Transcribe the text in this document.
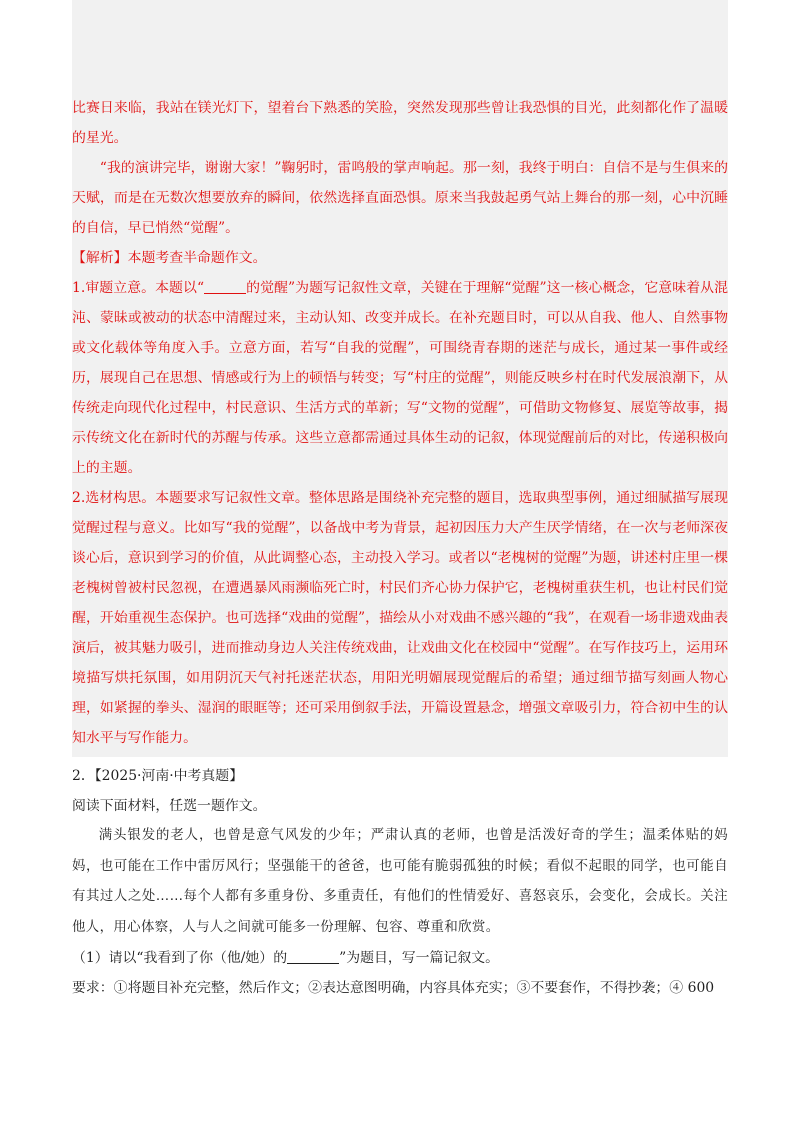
比赛日来临，我站在镁光灯下，望着台下熟悉的笑脸，突然发现那些曾让我恐惧的目光，此刻都化作了温暖的星光。

“我的演讲完毕，谢谢大家！”鞠躬时，雷鸣般的掌声响起。那一刻，我终于明白：自信不是与生俱来的天赋，而是在无数次想要放弃的瞬间，依然选择直面恐惧。原来当我鼓起勇气站上舞台的那一刻，心中沉睡的自信，早已悄然“觉醒”。

【解析】本题考查半命题作文。

1.审题立意。本题以“	的觉醒”为题写记叙性文章，关键在于理解“觉醒”这一核心概念，它意味着从混沌、蒙昧或被动的状态中清醒过来，主动认知、改变并成长。在补充题目时，可以从自我、他人、自然事物或文化载体等角度入手。立意方面，若写“自我的觉醒”，可围绕青春期的迷茫与成长，通过某一事件或经历，展现自己在思想、情感或行为上的顿悟与转变；写“村庄的觉醒”，则能反映乡村在时代发展浪潮下，从传统走向现代化过程中，村民意识、生活方式的革新；写“文物的觉醒”，可借助文物修复、展览等故事，揭示传统文化在新时代的苏醒与传承。这些立意都需通过具体生动的记叙，体现觉醒前后的对比，传递积极向上的主题。

2.选材构思。本题要求写记叙性文章。整体思路是围绕补充完整的题目，选取典型事例，通过细腻描写展现觉醒过程与意义。比如写“我的觉醒”，以备战中考为背景，起初因压力大产生厌学情绪，在一次与老师深夜谈心后，意识到学习的价值，从此调整心态，主动投入学习。或者以“老槐树的觉醒”为题，讲述村庄里一棵老槐树曾被村民忽视，在遭遇暴风雨濒临死亡时，村民们齐心协力保护它，老槐树重获生机，也让村民们觉醒，开始重视生态保护。也可选择“戏曲的觉醒”，描绘从小对戏曲不感兴趣的“我”，在观看一场非遗戏曲表演后，被其魅力吸引，进而推动身边人关注传统戏曲，让戏曲文化在校园中“觉醒”。在写作技巧上，运用环境描写烘托氛围，如用阴沉天气衬托迷茫状态，用阳光明媚展现觉醒后的希望；通过细节描写刻画人物心理，如紧握的拳头、湿润的眼眶等；还可采用倒叙手法，开篇设置悬念，增强文章吸引力，符合初中生的认知水平与写作能力。

2．【2025·河南·中考真题】

阅读下面材料，· · · · 任选一题作文。

满头银发的老人，也曾是意气风发的少年；严肃认真的老师，也曾是活泼好奇的学生；温柔体贴的妈妈，也可能在工作中雷厉风行；坚强能干的爸爸，也可能有脆弱孤独的时候；看似不起眼的同学，也可能自有其过人之处……每个人都有多重身份、多重责任，有他们的性情爱好、喜怒哀乐，会变化，会成长。关注他人，用心体察，人与人之间就可能多一份理解、包容、尊重和欣赏。

（1）请以“我看到了你（他/她）的	”为题目，写一篇记叙文。

要求：①将题目补充完整，然后作文；②表达意图明确，内容具体充实；③不要套作，不得抄袭；④ 600
